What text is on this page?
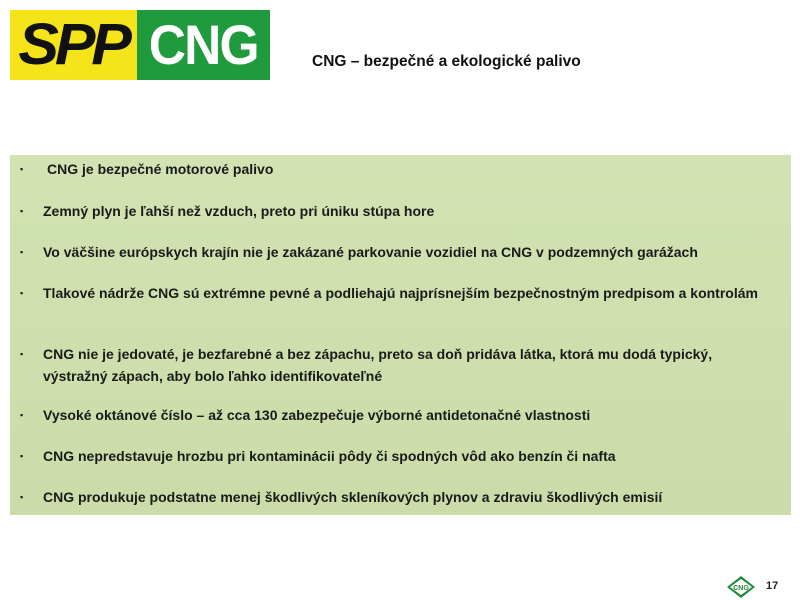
SPP CNG	CNG – bezpečné a ekologické palivo
▪	CNG je bezpečné motorové palivo
▪	Zemný plyn je ľahší než vzduch, preto pri úniku stúpa hore
▪	Vo väčšine európskych krajín nie je zakázané parkovanie vozidiel na CNG v podzemných garážach
▪	Tlakové nádrže CNG sú extrémne pevné a podliehajú najprísnejším bezpečnostným predpisom a kontrolám
▪	CNG nie je jedovaté, je bezfarebné a bez zápachu, preto sa doň pridáva látka, ktorá mu dodá typický, výstražný zápach, aby bolo ľahko identifikovateľné
▪	Vysoké oktánové číslo – až cca 130 zabezpečuje výborné antidetonačné vlastnosti
▪	CNG nepredstavuje hrozbu pri kontaminácii pôdy či spodných vôd ako benzín či nafta
▪	CNG produkuje podstatne menej škodlivých skleníkových plynov a zdraviu škodlivých emisií
CNG 17
